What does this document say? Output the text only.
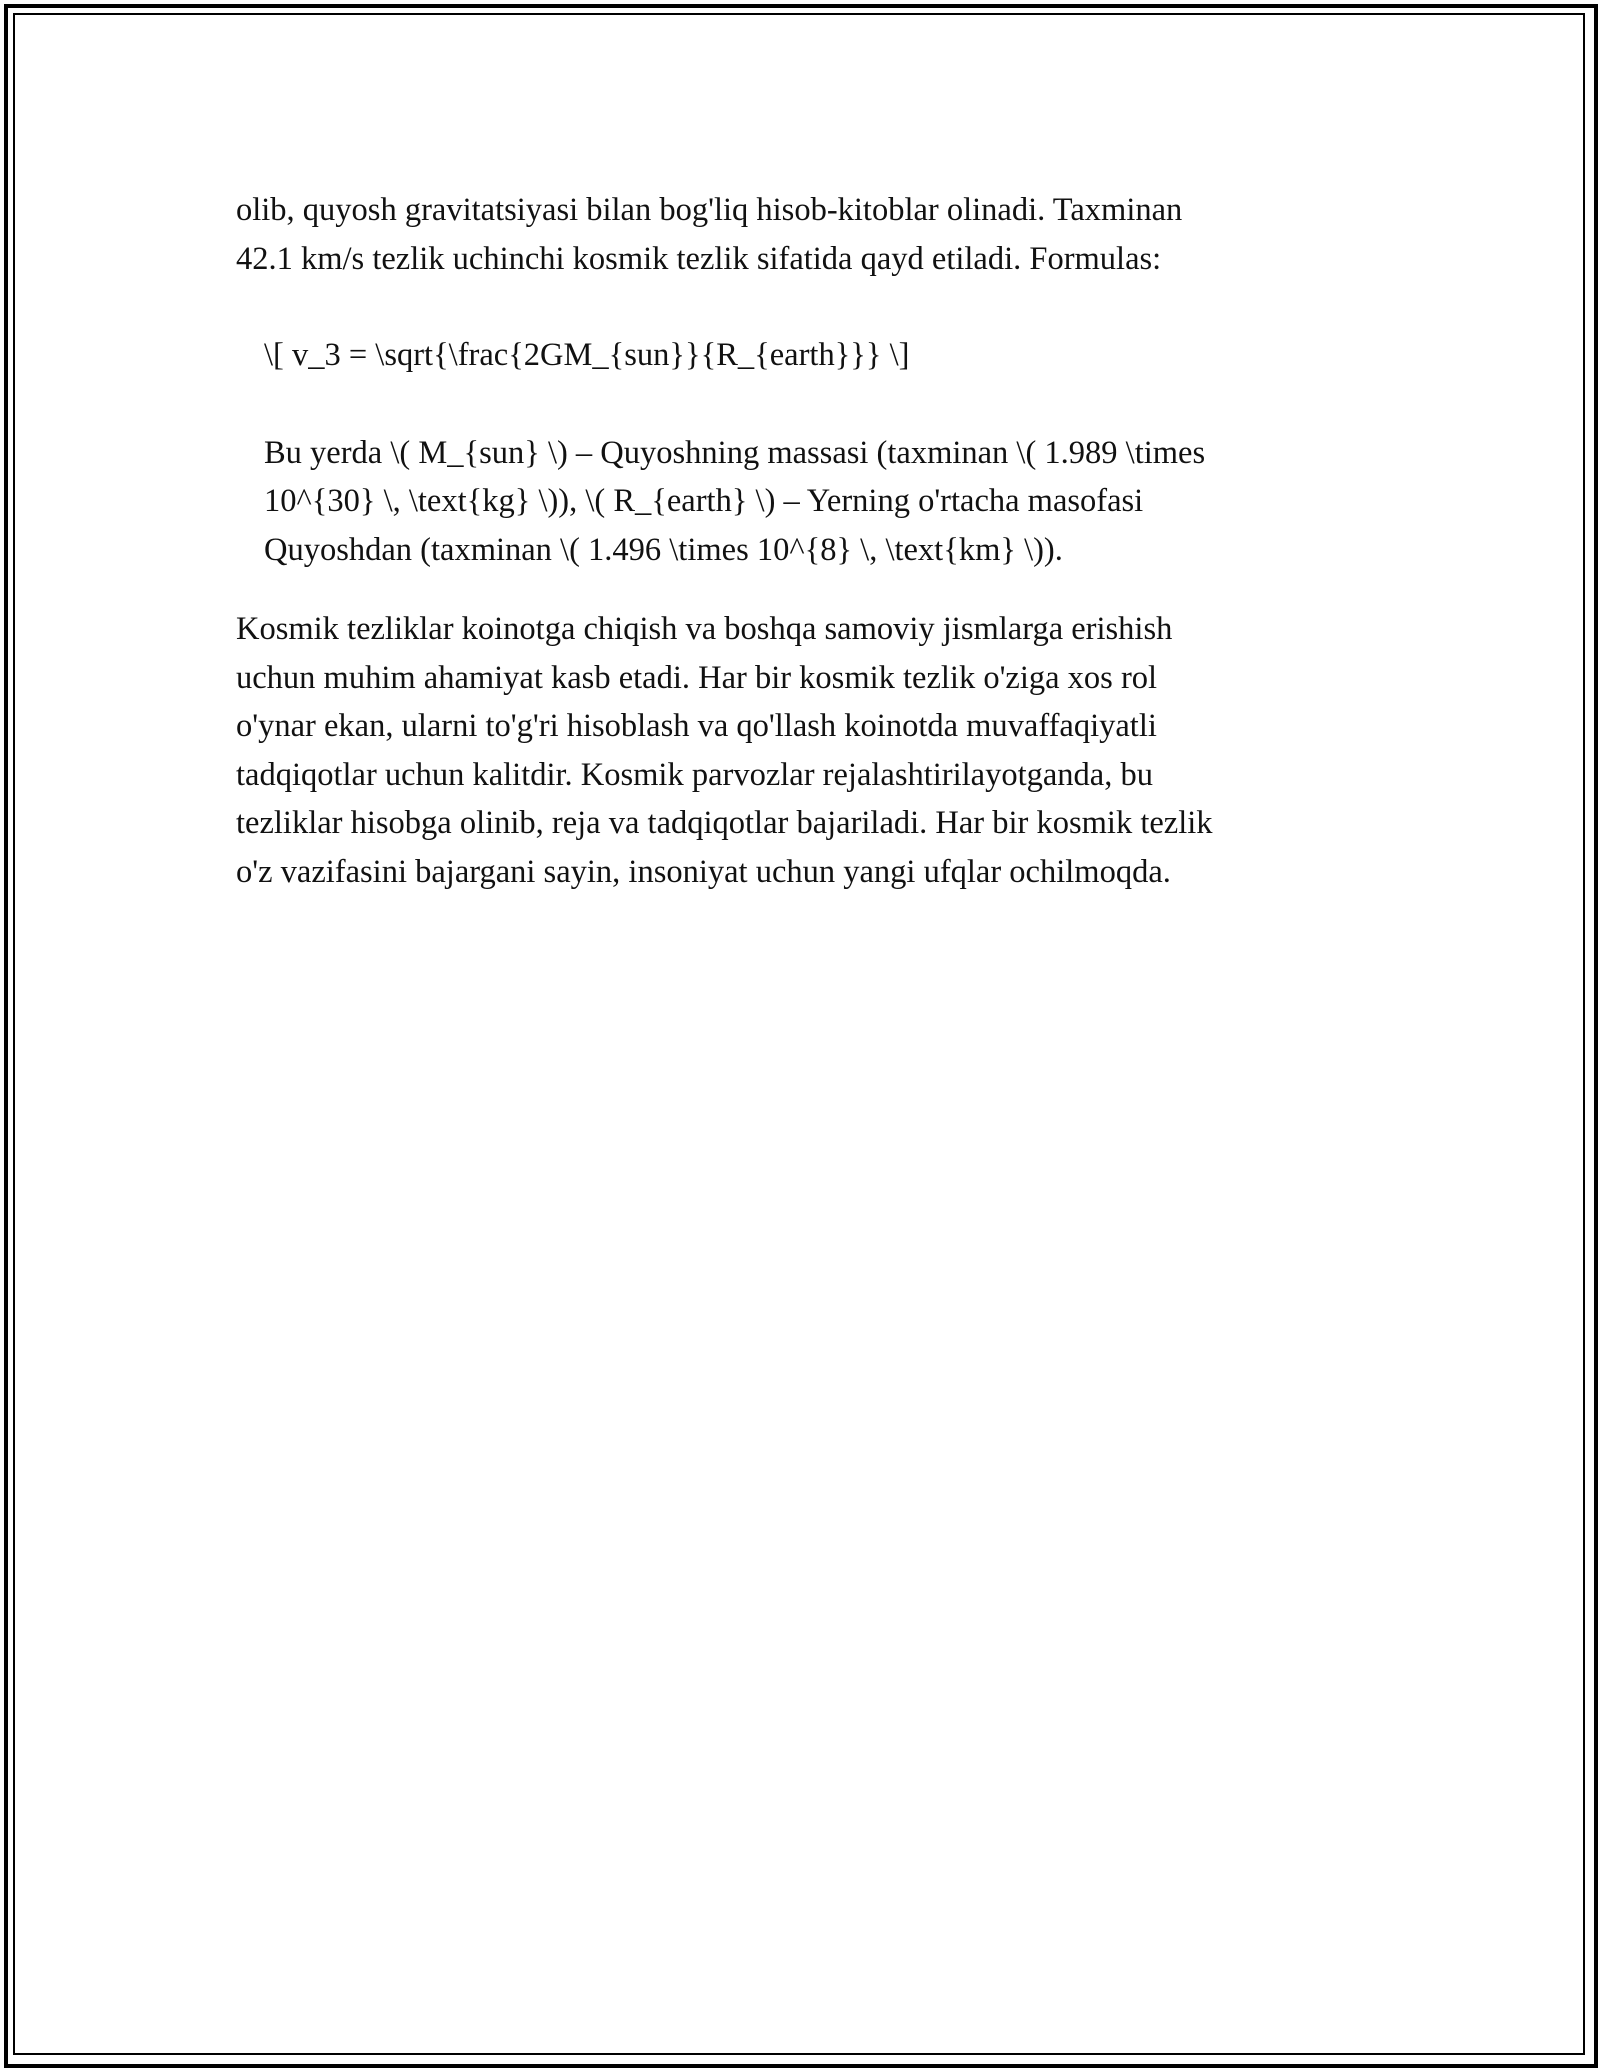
olib, quyosh gravitatsiyasi bilan bog'liq hisob-kitoblar olinadi. Taxminan
42.1 km/s tezlik uchinchi kosmik tezlik sifatida qayd etiladi. Formulas:

\[ v_3 = \sqrt{\frac{2GM_{sun}}{R_{earth}}} \]

Bu yerda \( M_{sun} \) – Quyoshning massasi (taxminan \( 1.989 \times
10^{30} \, \text{kg} \)), \( R_{earth} \) – Yerning o'rtacha masofasi
Quyoshdan (taxminan \( 1.496 \times 10^{8} \, \text{km} \)).

Kosmik tezliklar koinotga chiqish va boshqa samoviy jismlarga erishish
uchun muhim ahamiyat kasb etadi. Har bir kosmik tezlik o'ziga xos rol
o'ynar ekan, ularni to'g'ri hisoblash va qo'llash koinotda muvaffaqiyatli
tadqiqotlar uchun kalitdir. Kosmik parvozlar rejalashtirilayotganda, bu
tezliklar hisobga olinib, reja va tadqiqotlar bajariladi. Har bir kosmik tezlik
o'z vazifasini bajargani sayin, insoniyat uchun yangi ufqlar ochilmoqda.
